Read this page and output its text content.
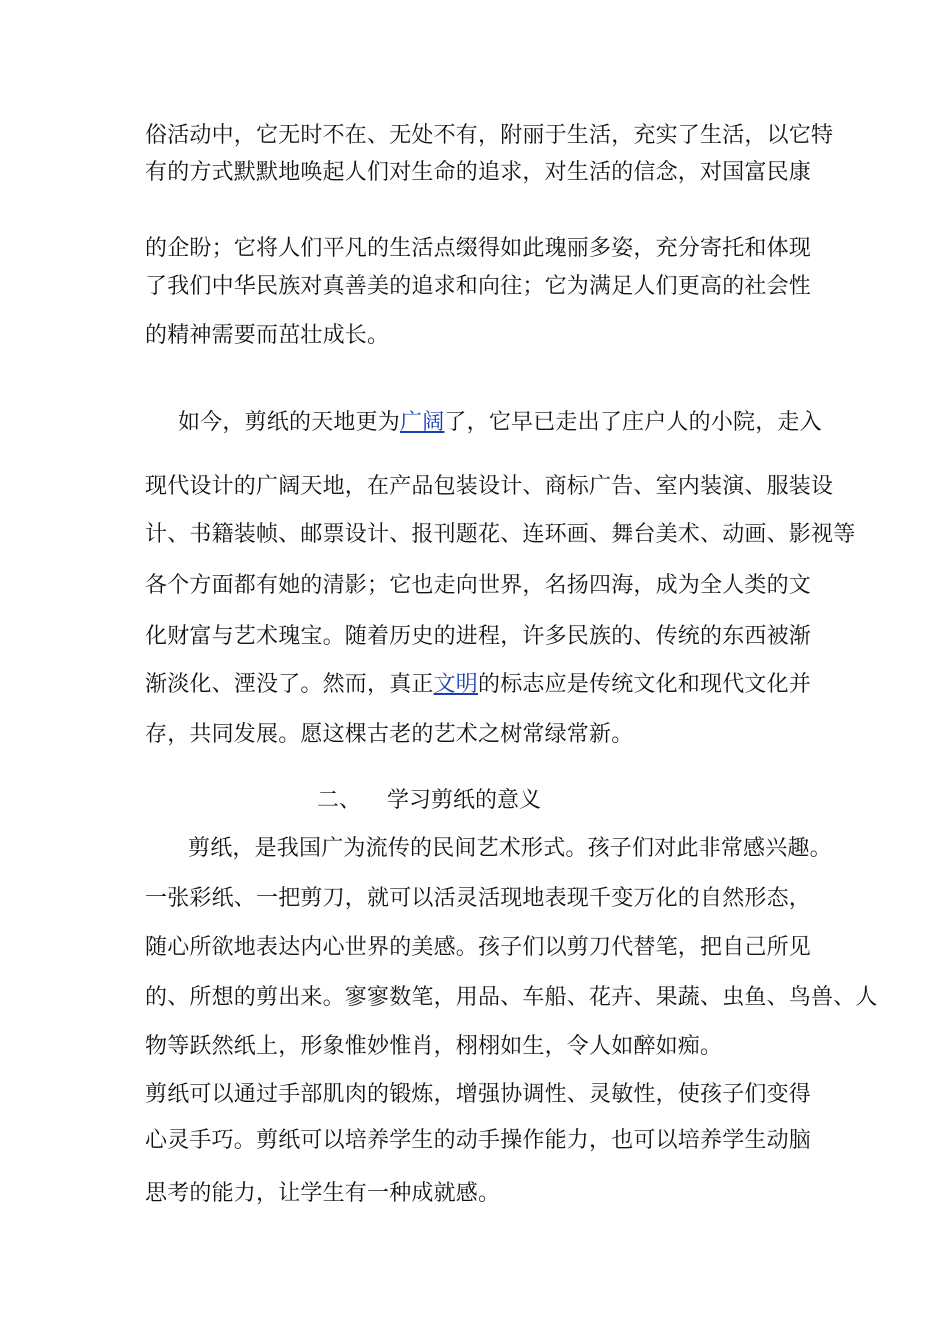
俗活动中，它无时不在、无处不有，附丽于生活，充实了生活，以它特
有的方式默默地唤起人们对生命的追求，对生活的信念，对国富民康
的企盼；它将人们平凡的生活点缀得如此瑰丽多姿，充分寄托和体现
了我们中华民族对真善美的追求和向往；它为满足人们更高的社会性
的精神需要而茁壮成长。
如今，剪纸的天地更为广阔了，它早已走出了庄户人的小院，走入
现代设计的广阔天地，在产品包装设计、商标广告、室内装演、服装设
计、书籍装帧、邮票设计、报刊题花、连环画、舞台美术、动画、影视等
各个方面都有她的清影；它也走向世界，名扬四海，成为全人类的文
化财富与艺术瑰宝。随着历史的进程，许多民族的、传统的东西被渐
渐淡化、湮没了。然而，真正文明的标志应是传统文化和现代文化并
存，共同发展。愿这棵古老的艺术之树常绿常新。
二、 学习剪纸的意义
剪纸，是我国广为流传的民间艺术形式。孩子们对此非常感兴趣。
一张彩纸、一把剪刀，就可以活灵活现地表现千变万化的自然形态，
随心所欲地表达内心世界的美感。孩子们以剪刀代替笔，把自己所见
的、所想的剪出来。寥寥数笔，用品、车船、花卉、果蔬、虫鱼、鸟兽、人
物等跃然纸上，形象惟妙惟肖，栩栩如生，令人如醉如痴。
剪纸可以通过手部肌肉的锻炼，增强协调性、灵敏性，使孩子们变得
心灵手巧。剪纸可以培养学生的动手操作能力，也可以培养学生动脑
思考的能力，让学生有一种成就感。
